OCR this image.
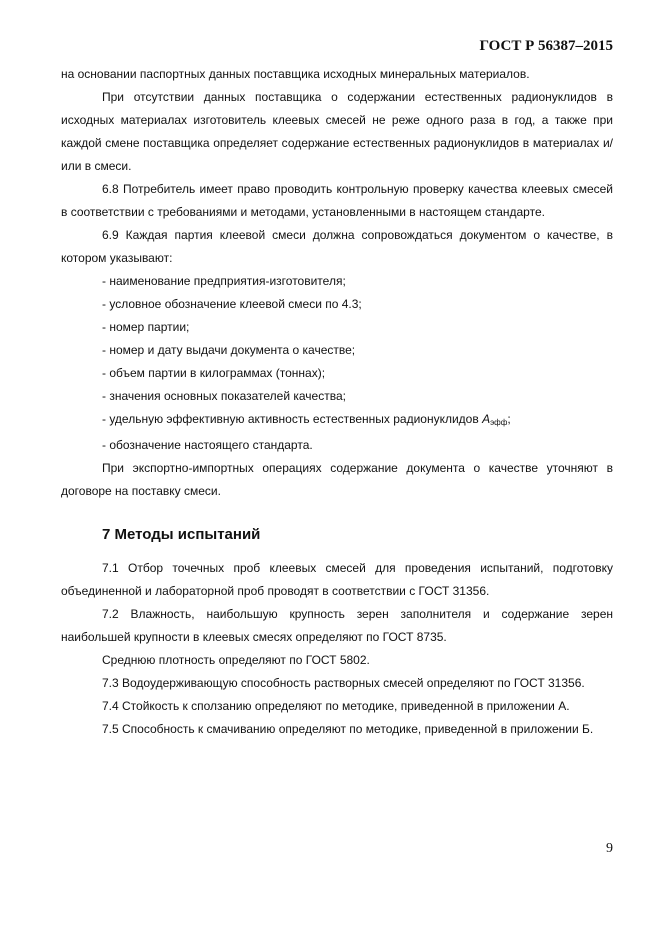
ГОСТ Р 56387–2015

на основании паспортных данных поставщика исходных минеральных материалов.

При отсутствии данных поставщика о содержании естественных радионуклидов в исходных материалах изготовитель клеевых смесей не реже одного раза в год, а также при каждой смене поставщика определяет содержание естественных радионуклидов в материалах и/или в смеси.

6.8 Потребитель имеет право проводить контрольную проверку качества клеевых смесей в соответствии с требованиями и методами, установленными в настоящем стандарте.

6.9 Каждая партия клеевой смеси должна сопровождаться документом о качестве, в котором указывают:

- наименование предприятия-изготовителя;

- условное обозначение клеевой смеси по 4.3;

- номер партии;

- номер и дату выдачи документа о качестве;

- объем партии в килограммах (тоннах);

- значения основных показателей качества;

- удельную эффективную активность естественных радионуклидов $A_{эфф}$;

- обозначение настоящего стандарта.

При экспортно-импортных операциях содержание документа о качестве уточняют в договоре на поставку смеси.

7 Методы испытаний

7.1 Отбор точечных проб клеевых смесей для проведения испытаний, подготовку объединенной и лабораторной проб проводят в соответствии с ГОСТ 31356.

7.2 Влажность, наибольшую крупность зерен заполнителя и содержание зерен наибольшей крупности в клеевых смесях определяют по ГОСТ 8735.

Среднюю плотность определяют по ГОСТ 5802.

7.3 Водоудерживающую способность растворных смесей определяют по ГОСТ 31356.

7.4 Стойкость к сползанию определяют по методике, приведенной в приложении А.

7.5 Способность к смачиванию определяют по методике, приведенной в приложении Б.

9
